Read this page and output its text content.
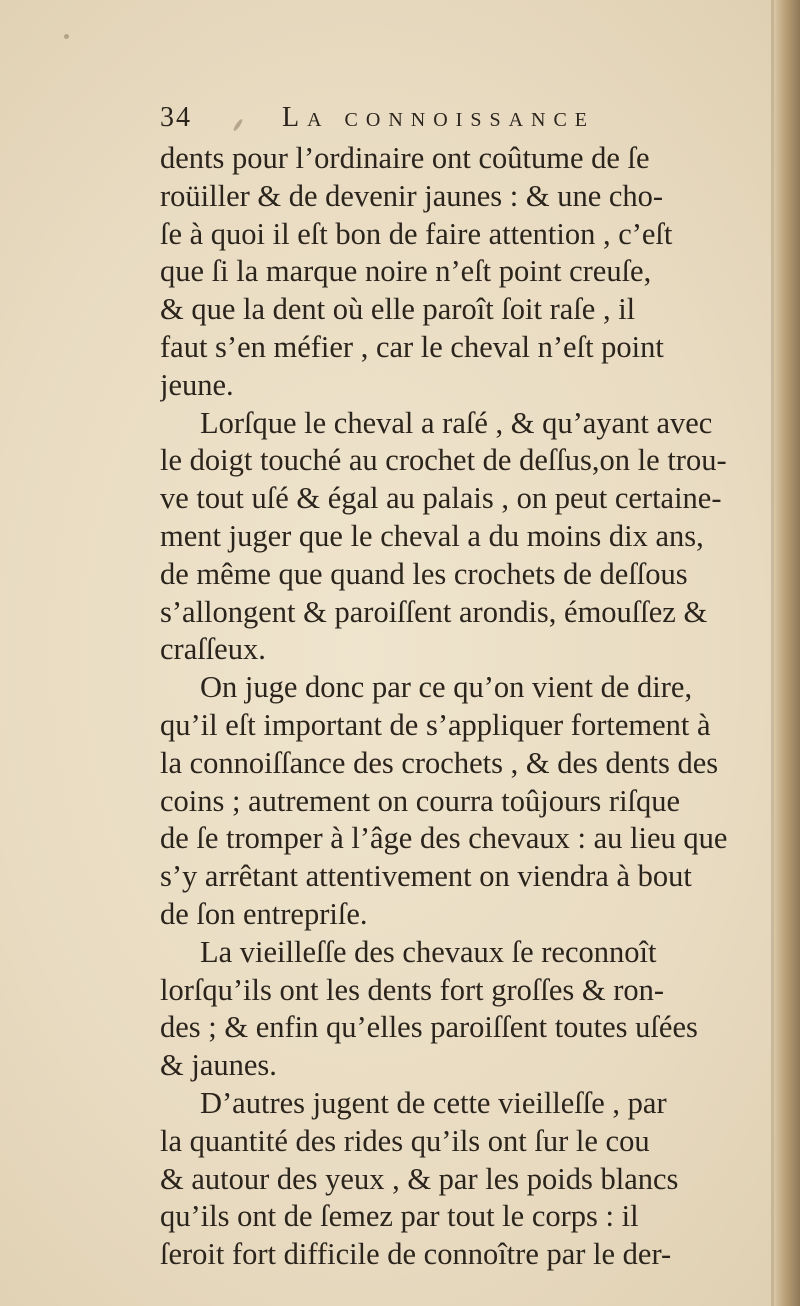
34	La connoissance
dents pour l’ordinaire ont coûtume de ſe
roüiller & de devenir jaunes : & une cho-
ſe à quoi il eſt bon de faire attention , c’eſt
que ſi la marque noire n’eſt point creuſe,
& que la dent où elle paroît ſoit raſe , il
faut s’en méfier , car le cheval n’eſt point
jeune.
Lorſque le cheval a raſé , & qu’ayant avec
le doigt touché au crochet de deſſus,on le trou-
ve tout uſé & égal au palais , on peut certaine-
ment juger que le cheval a du moins dix ans,
de même que quand les crochets de deſſous
s’allongent & paroiſſent arondis, émouſſez &
craſſeux.
On juge donc par ce qu’on vient de dire,
qu’il eſt important de s’appliquer fortement à
la connoiſſance des crochets , & des dents des
coins ; autrement on courra toûjours riſque
de ſe tromper à l’âge des chevaux : au lieu que
s’y arrêtant attentivement on viendra à bout
de ſon entrepriſe.
La vieilleſſe des chevaux ſe reconnoît
lorſqu’ils ont les dents fort groſſes & ron-
des ; & enfin qu’elles paroiſſent toutes uſées
& jaunes.
D’autres jugent de cette vieilleſſe , par
la quantité des rides qu’ils ont ſur le cou
& autour des yeux , & par les poids blancs
qu’ils ont de ſemez par tout le corps : il
ſeroit fort difficile de connoître par le der-
